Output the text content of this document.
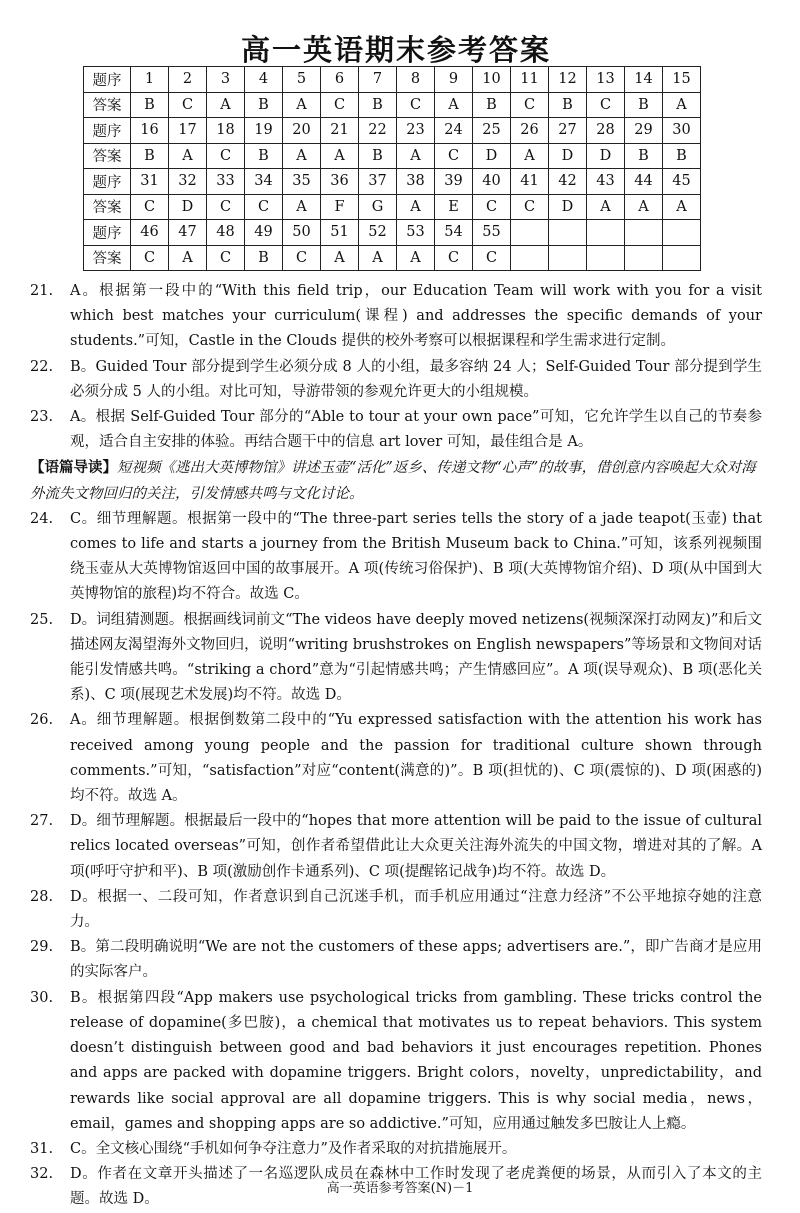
高一英语期末参考答案
题序	1	2	3	4	5	6	7	8	9	10	11	12	13	14	15
答案	B	C	A	B	A	C	B	C	A	B	C	B	C	B	A
题序	16	17	18	19	20	21	22	23	24	25	26	27	28	29	30
答案	B	A	C	B	A	A	B	A	C	D	A	D	D	B	B
题序	31	32	33	34	35	36	37	38	39	40	41	42	43	44	45
答案	C	D	C	C	A	F	G	A	E	C	C	D	A	A	A
题序	46	47	48	49	50	51	52	53	54	55					
答案	C	A	C	B	C	A	A	A	C	C					

21. A。根据第一段中的“With this field trip，our Education Team will work with you for a visit which best matches your curriculum(课程) and addresses the specific demands of your students.”可知，Castle in the Clouds 提供的校外考察可以根据课程和学生需求进行定制。

22. B。Guided Tour 部分提到学生必须分成 8 人的小组，最多容纳 24 人；Self-Guided Tour 部分提到学生必须分成 5 人的小组。对比可知，导游带领的参观允许更大的小组规模。

23. A。根据 Self-Guided Tour 部分的“Able to tour at your own pace”可知，它允许学生以自己的节奏参观，适合自主安排的体验。再结合题干中的信息 art lover 可知，最佳组合是 A。

【语篇导读】短视频《逃出大英博物馆》讲述玉壶“活化”返乡、传递文物“心声”的故事，借创意内容唤起大众对海外流失文物回归的关注，引发情感共鸣与文化讨论。

24. C。细节理解题。根据第一段中的“The three-part series tells the story of a jade teapot(玉壶) that comes to life and starts a journey from the British Museum back to China.”可知，该系列视频围绕玉壶从大英博物馆返回中国的故事展开。A 项(传统习俗保护)、B 项(大英博物馆介绍)、D 项(从中国到大英博物馆的旅程)均不符合。故选 C。

25. D。词组猜测题。根据画线词前文“The videos have deeply moved netizens(视频深深打动网友)”和后文描述网友渴望海外文物回归，说明“writing brushstrokes on English newspapers”等场景和文物间对话能引发情感共鸣。“striking a chord”意为“引起情感共鸣；产生情感回应”。A 项(误导观众)、B 项(恶化关系)、C 项(展现艺术发展)均不符。故选 D。

26. A。细节理解题。根据倒数第二段中的“Yu expressed satisfaction with the attention his work has received among young people and the passion for traditional culture shown through comments.”可知，“satisfaction”对应“content(满意的)”。B 项(担忧的)、C 项(震惊的)、D 项(困惑的)均不符。故选 A。

27. D。细节理解题。根据最后一段中的“hopes that more attention will be paid to the issue of cultural relics located overseas”可知，创作者希望借此让大众更关注海外流失的中国文物，增进对其的了解。A 项(呼吁守护和平)、B 项(激励创作卡通系列)、C 项(提醒铭记战争)均不符。故选 D。

28. D。根据一、二段可知，作者意识到自己沉迷手机，而手机应用通过“注意力经济”不公平地掠夺她的注意力。

29. B。第二段明确说明“We are not the customers of these apps; advertisers are.”，即广告商才是应用的实际客户。

30. B。根据第四段“App makers use psychological tricks from gambling. These tricks control the release of dopamine(多巴胺)，a chemical that motivates us to repeat behaviors. This system doesn’t distinguish between good and bad behaviors it just encourages repetition. Phones and apps are packed with dopamine triggers. Bright colors，novelty，unpredictability，and rewards like social approval are all dopamine triggers. This is why social media，news，email，games and shopping apps are so addictive.”可知，应用通过触发多巴胺让人上瘾。

31. C。全文核心围绕“手机如何争夺注意力”及作者采取的对抗措施展开。

32. D。作者在文章开头描述了一名巡逻队成员在森林中工作时发现了老虎粪便的场景，从而引入了本文的主题。故选 D。

高一英语参考答案(N)－1
